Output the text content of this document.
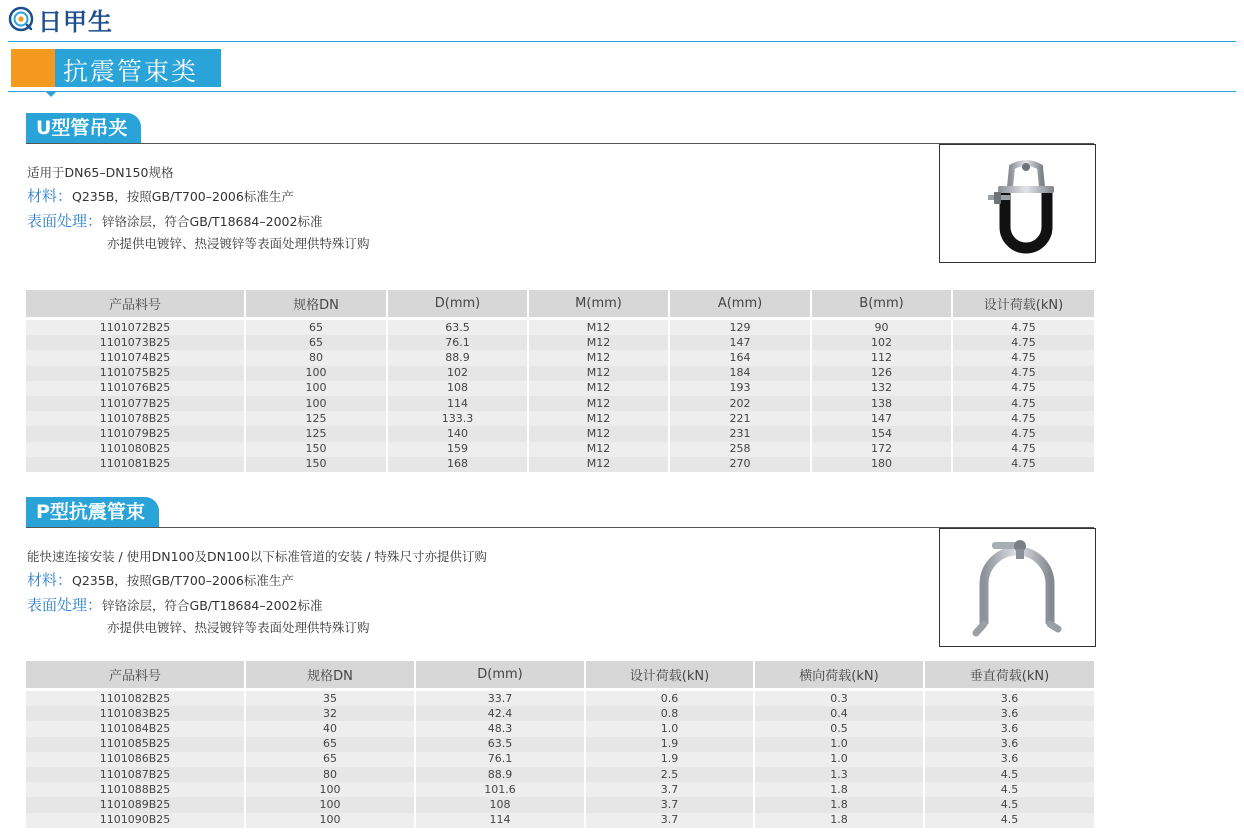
日甲生
抗震管束类
U型管吊夹
适用于DN65–DN150规格
材料： Q235B，按照GB/T700–2006标准生产
表面处理： 锌铬涂层，符合GB/T18684–2002标准
亦提供电镀锌、热浸镀锌等表面处理供特殊订购
产品料号	规格DN	D(mm)	M(mm)	A(mm)	B(mm)	设计荷载(kN)

1101072B25	65	63.5	M12	129	90	4.75
1101073B25	65	76.1	M12	147	102	4.75
1101074B25	80	88.9	M12	164	112	4.75
1101075B25	100	102	M12	184	126	4.75
1101076B25	100	108	M12	193	132	4.75
1101077B25	100	114	M12	202	138	4.75
1101078B25	125	133.3	M12	221	147	4.75
1101079B25	125	140	M12	231	154	4.75
1101080B25	150	159	M12	258	172	4.75
1101081B25	150	168	M12	270	180	4.75
P型抗震管束
能快速连接安装 / 使用DN100及DN100以下标准管道的安装 / 特殊尺寸亦提供订购
材料： Q235B，按照GB/T700–2006标准生产
表面处理： 锌铬涂层，符合GB/T18684–2002标准
亦提供电镀锌、热浸镀锌等表面处理供特殊订购
产品料号	规格DN	D(mm)	设计荷载(kN)	横向荷载(kN)	垂直荷载(kN)

1101082B25	35	33.7	0.6	0.3	3.6
1101083B25	32	42.4	0.8	0.4	3.6
1101084B25	40	48.3	1.0	0.5	3.6
1101085B25	65	63.5	1.9	1.0	3.6
1101086B25	65	76.1	1.9	1.0	3.6
1101087B25	80	88.9	2.5	1.3	4.5
1101088B25	100	101.6	3.7	1.8	4.5
1101089B25	100	108	3.7	1.8	4.5
1101090B25	100	114	3.7	1.8	4.5
